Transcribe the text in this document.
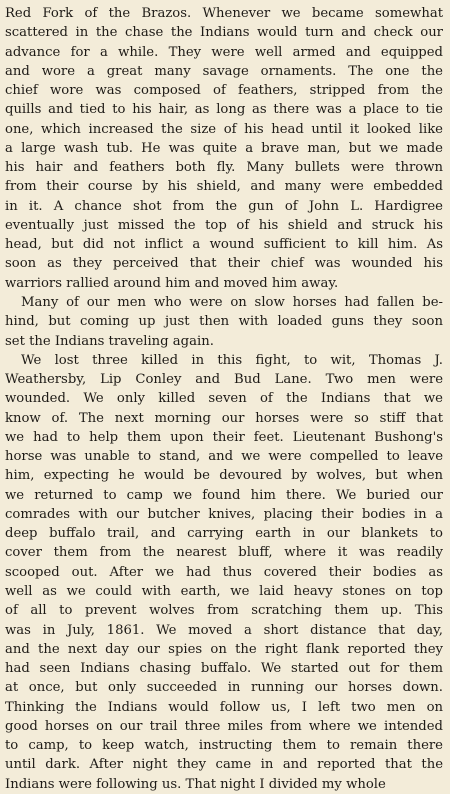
Red Fork of the Brazos. Whenever we became somewhat
scattered in the chase the Indians would turn and check our
advance for a while. They were well armed and equipped
and wore a great many savage ornaments. The one the
chief wore was composed of feathers, stripped from the
quills and tied to his hair, as long as there was a place to tie
one, which increased the size of his head until it looked like
a large wash tub. He was quite a brave man, but we made
his hair and feathers both fly. Many bullets were thrown
from their course by his shield, and many were embedded
in it. A chance shot from the gun of John L. Hardigree
eventually just missed the top of his shield and struck his
head, but did not inflict a wound sufficient to kill him. As
soon as they perceived that their chief was wounded his
warriors rallied around him and moved him away.
Many of our men who were on slow horses had fallen be-
hind, but coming up just then with loaded guns they soon
set the Indians traveling again.
We lost three killed in this fight, to wit, Thomas J.
Weathersby, Lip Conley and Bud Lane. Two men were
wounded. We only killed seven of the Indians that we
know of. The next morning our horses were so stiff that
we had to help them upon their feet. Lieutenant Bushong's
horse was unable to stand, and we were compelled to leave
him, expecting he would be devoured by wolves, but when
we returned to camp we found him there. We buried our
comrades with our butcher knives, placing their bodies in a
deep buffalo trail, and carrying earth in our blankets to
cover them from the nearest bluff, where it was readily
scooped out. After we had thus covered their bodies as
well as we could with earth, we laid heavy stones on top
of all to prevent wolves from scratching them up. This
was in July, 1861. We moved a short distance that day,
and the next day our spies on the right flank reported they
had seen Indians chasing buffalo. We started out for them
at once, but only succeeded in running our horses down.
Thinking the Indians would follow us, I left two men on
good horses on our trail three miles from where we intended
to camp, to keep watch, instructing them to remain there
until dark. After night they came in and reported that the
Indians were following us. That night I divided my whole
